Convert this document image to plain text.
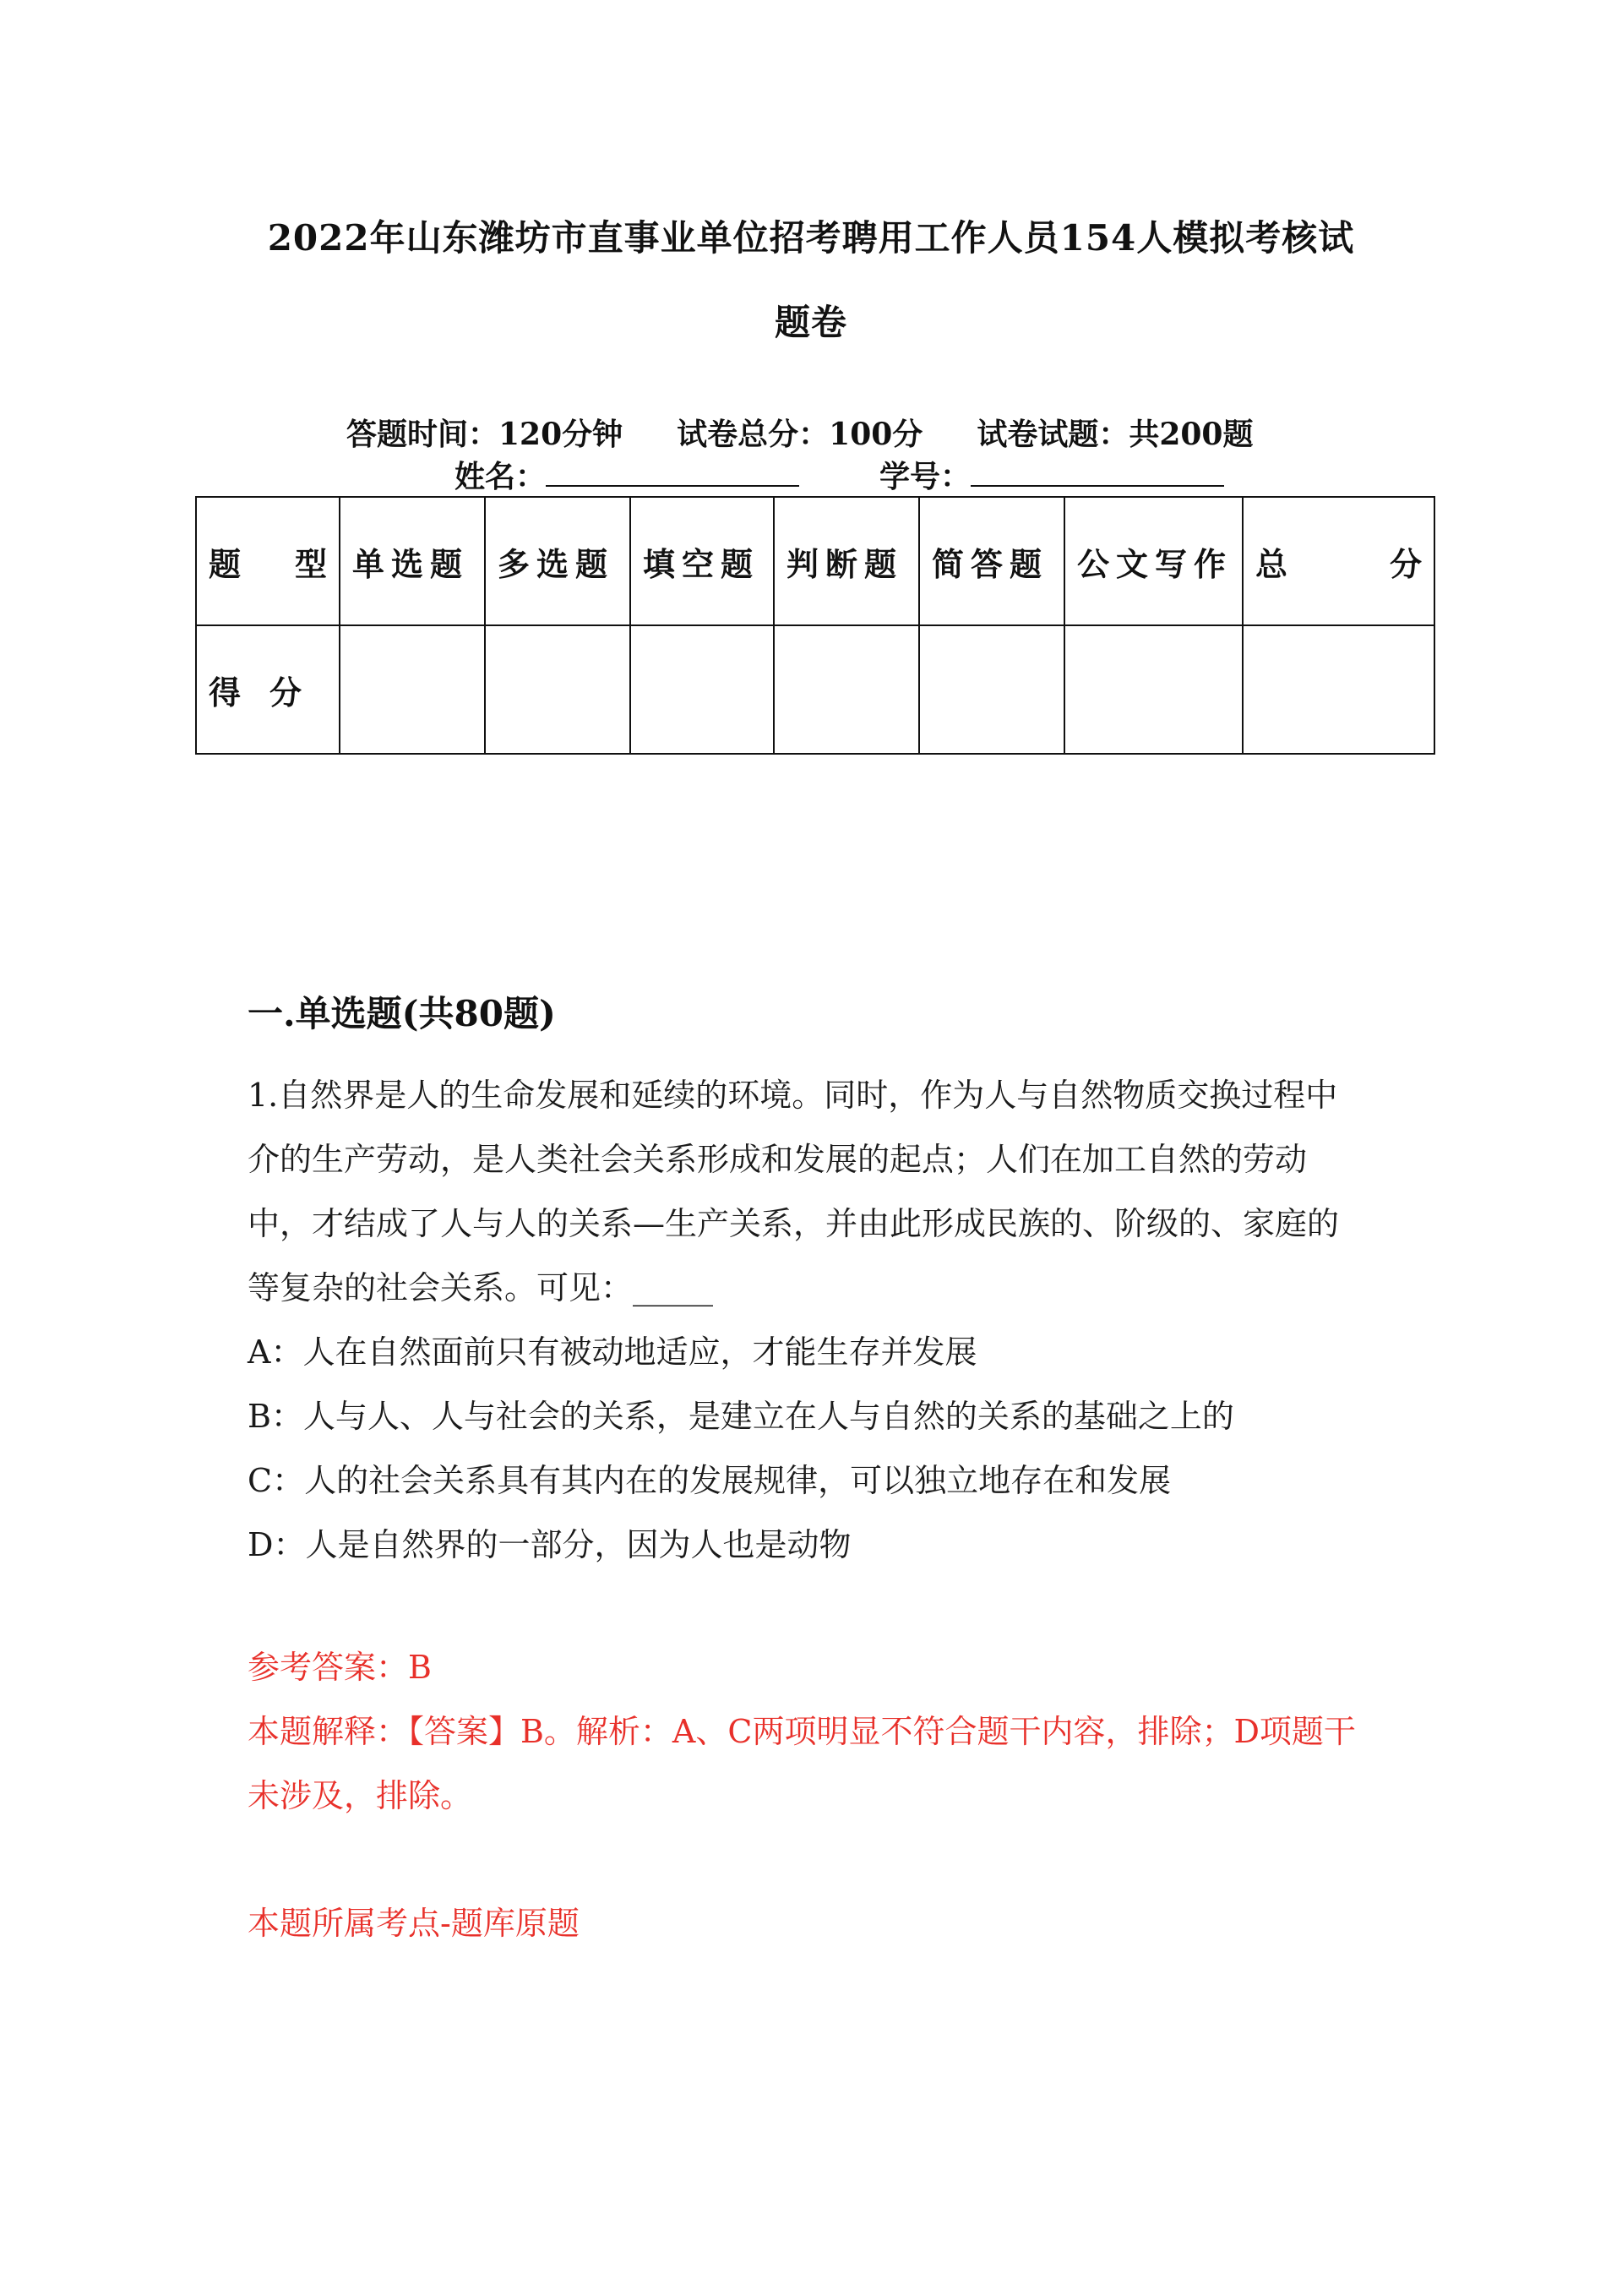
2022年山东潍坊市直事业单位招考聘用工作人员154人模拟考核试
题卷
答题时间：120分钟 试卷总分：100分 试卷试题：共200题
姓名：	学号：
题 型	单选题	多选题	填空题	判断题	简答题	公文写作	总 分

得 分							

一.单选题(共80题)

1.自然界是人的生命发展和延续的环境。同时，作为人与自然物质交换过程中

介的生产劳动，是人类社会关系形成和发展的起点；人们在加工自然的劳动

中，才结成了人与人的关系—生产关系，并由此形成民族的、阶级的、家庭的

等复杂的社会关系。可见：_____

A：人在自然面前只有被动地适应，才能生存并发展

B：人与人、人与社会的关系，是建立在人与自然的关系的基础之上的

C：人的社会关系具有其内在的发展规律，可以独立地存在和发展

D：人是自然界的一部分，因为人也是动物

参考答案：B

本题解释：【答案】B。解析：A、C两项明显不符合题干内容，排除；D项题干

未涉及，排除。

本题所属考点-题库原题
